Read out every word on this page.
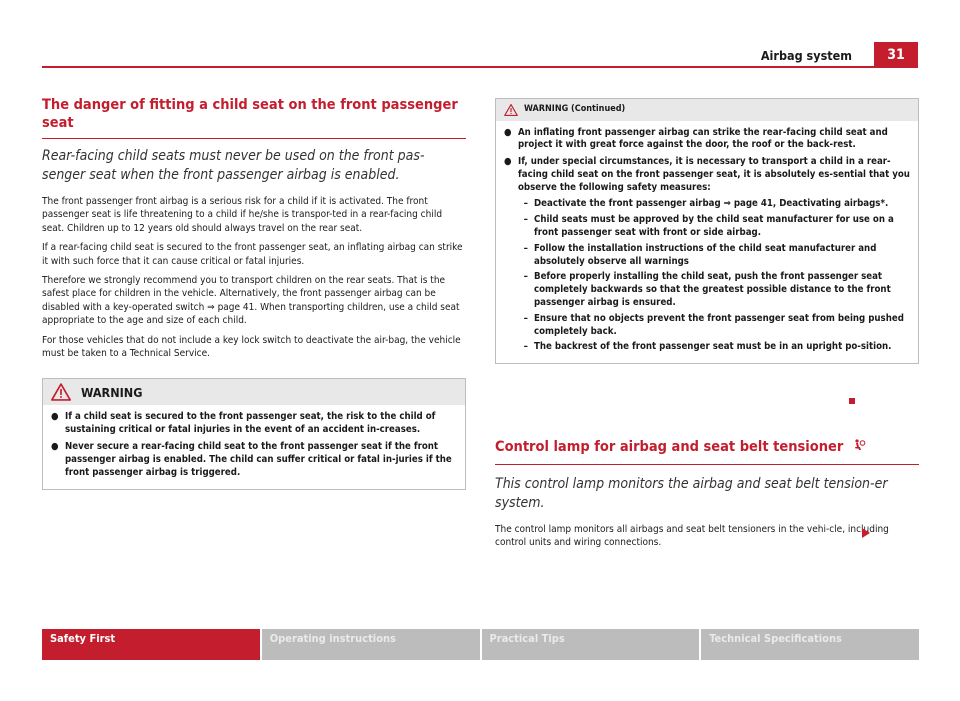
Airbag system	31
The danger of fitting a child seat on the front passenger seat

Rear-facing child seats must never be used on the front pas-senger seat when the front passenger airbag is enabled.

The front passenger front airbag is a serious risk for a child if it is activated. The front passenger seat is life threatening to a child if he/she is transpor-ted in a rear-facing child seat. Children up to 12 years old should always travel on the rear seat.

If a rear-facing child seat is secured to the front passenger seat, an inflating airbag can strike it with such force that it can cause critical or fatal injuries.

Therefore we strongly recommend you to transport children on the rear seats. That is the safest place for children in the vehicle. Alternatively, the front passenger airbag can be disabled with a key-operated switch ⇒ page 41. When transporting children, use a child seat appropriate to the age and size of each child.

For those vehicles that do not include a key lock switch to deactivate the air-bag, the vehicle must be taken to a Technical Service.

WARNING
● If a child seat is secured to the front passenger seat, the risk to the child of sustaining critical or fatal injuries in the event of an accident in-creases.
● Never secure a rear-facing child seat to the front passenger seat if the front passenger airbag is enabled. The child can suffer critical or fatal in-juries if the front passenger airbag is triggered.
WARNING (Continued)
● An inflating front passenger airbag can strike the rear-facing child seat and project it with great force against the door, the roof or the back-rest.
● If, under special circumstances, it is necessary to transport a child in a rear-facing child seat on the front passenger seat, it is absolutely es-sential that you observe the following safety measures:
– Deactivate the front passenger airbag ⇒ page 41, Deactivating airbags*.
– Child seats must be approved by the child seat manufacturer for use on a front passenger seat with front or side airbag.
– Follow the installation instructions of the child seat manufacturer and absolutely observe all warnings
– Before properly installing the child seat, push the front passenger seat completely backwards so that the greatest possible distance to the front passenger airbag is ensured.
– Ensure that no objects prevent the front passenger seat from being pushed completely back.
– The backrest of the front passenger seat must be in an upright po-sition.
Control lamp for airbag and seat belt tensioner

This control lamp monitors the airbag and seat belt tension-er system.

The control lamp monitors all airbags and seat belt tensioners in the vehi-cle, including control units and wiring connections.

Safety First	Operating instructions	Practical Tips	Technical Specifications
